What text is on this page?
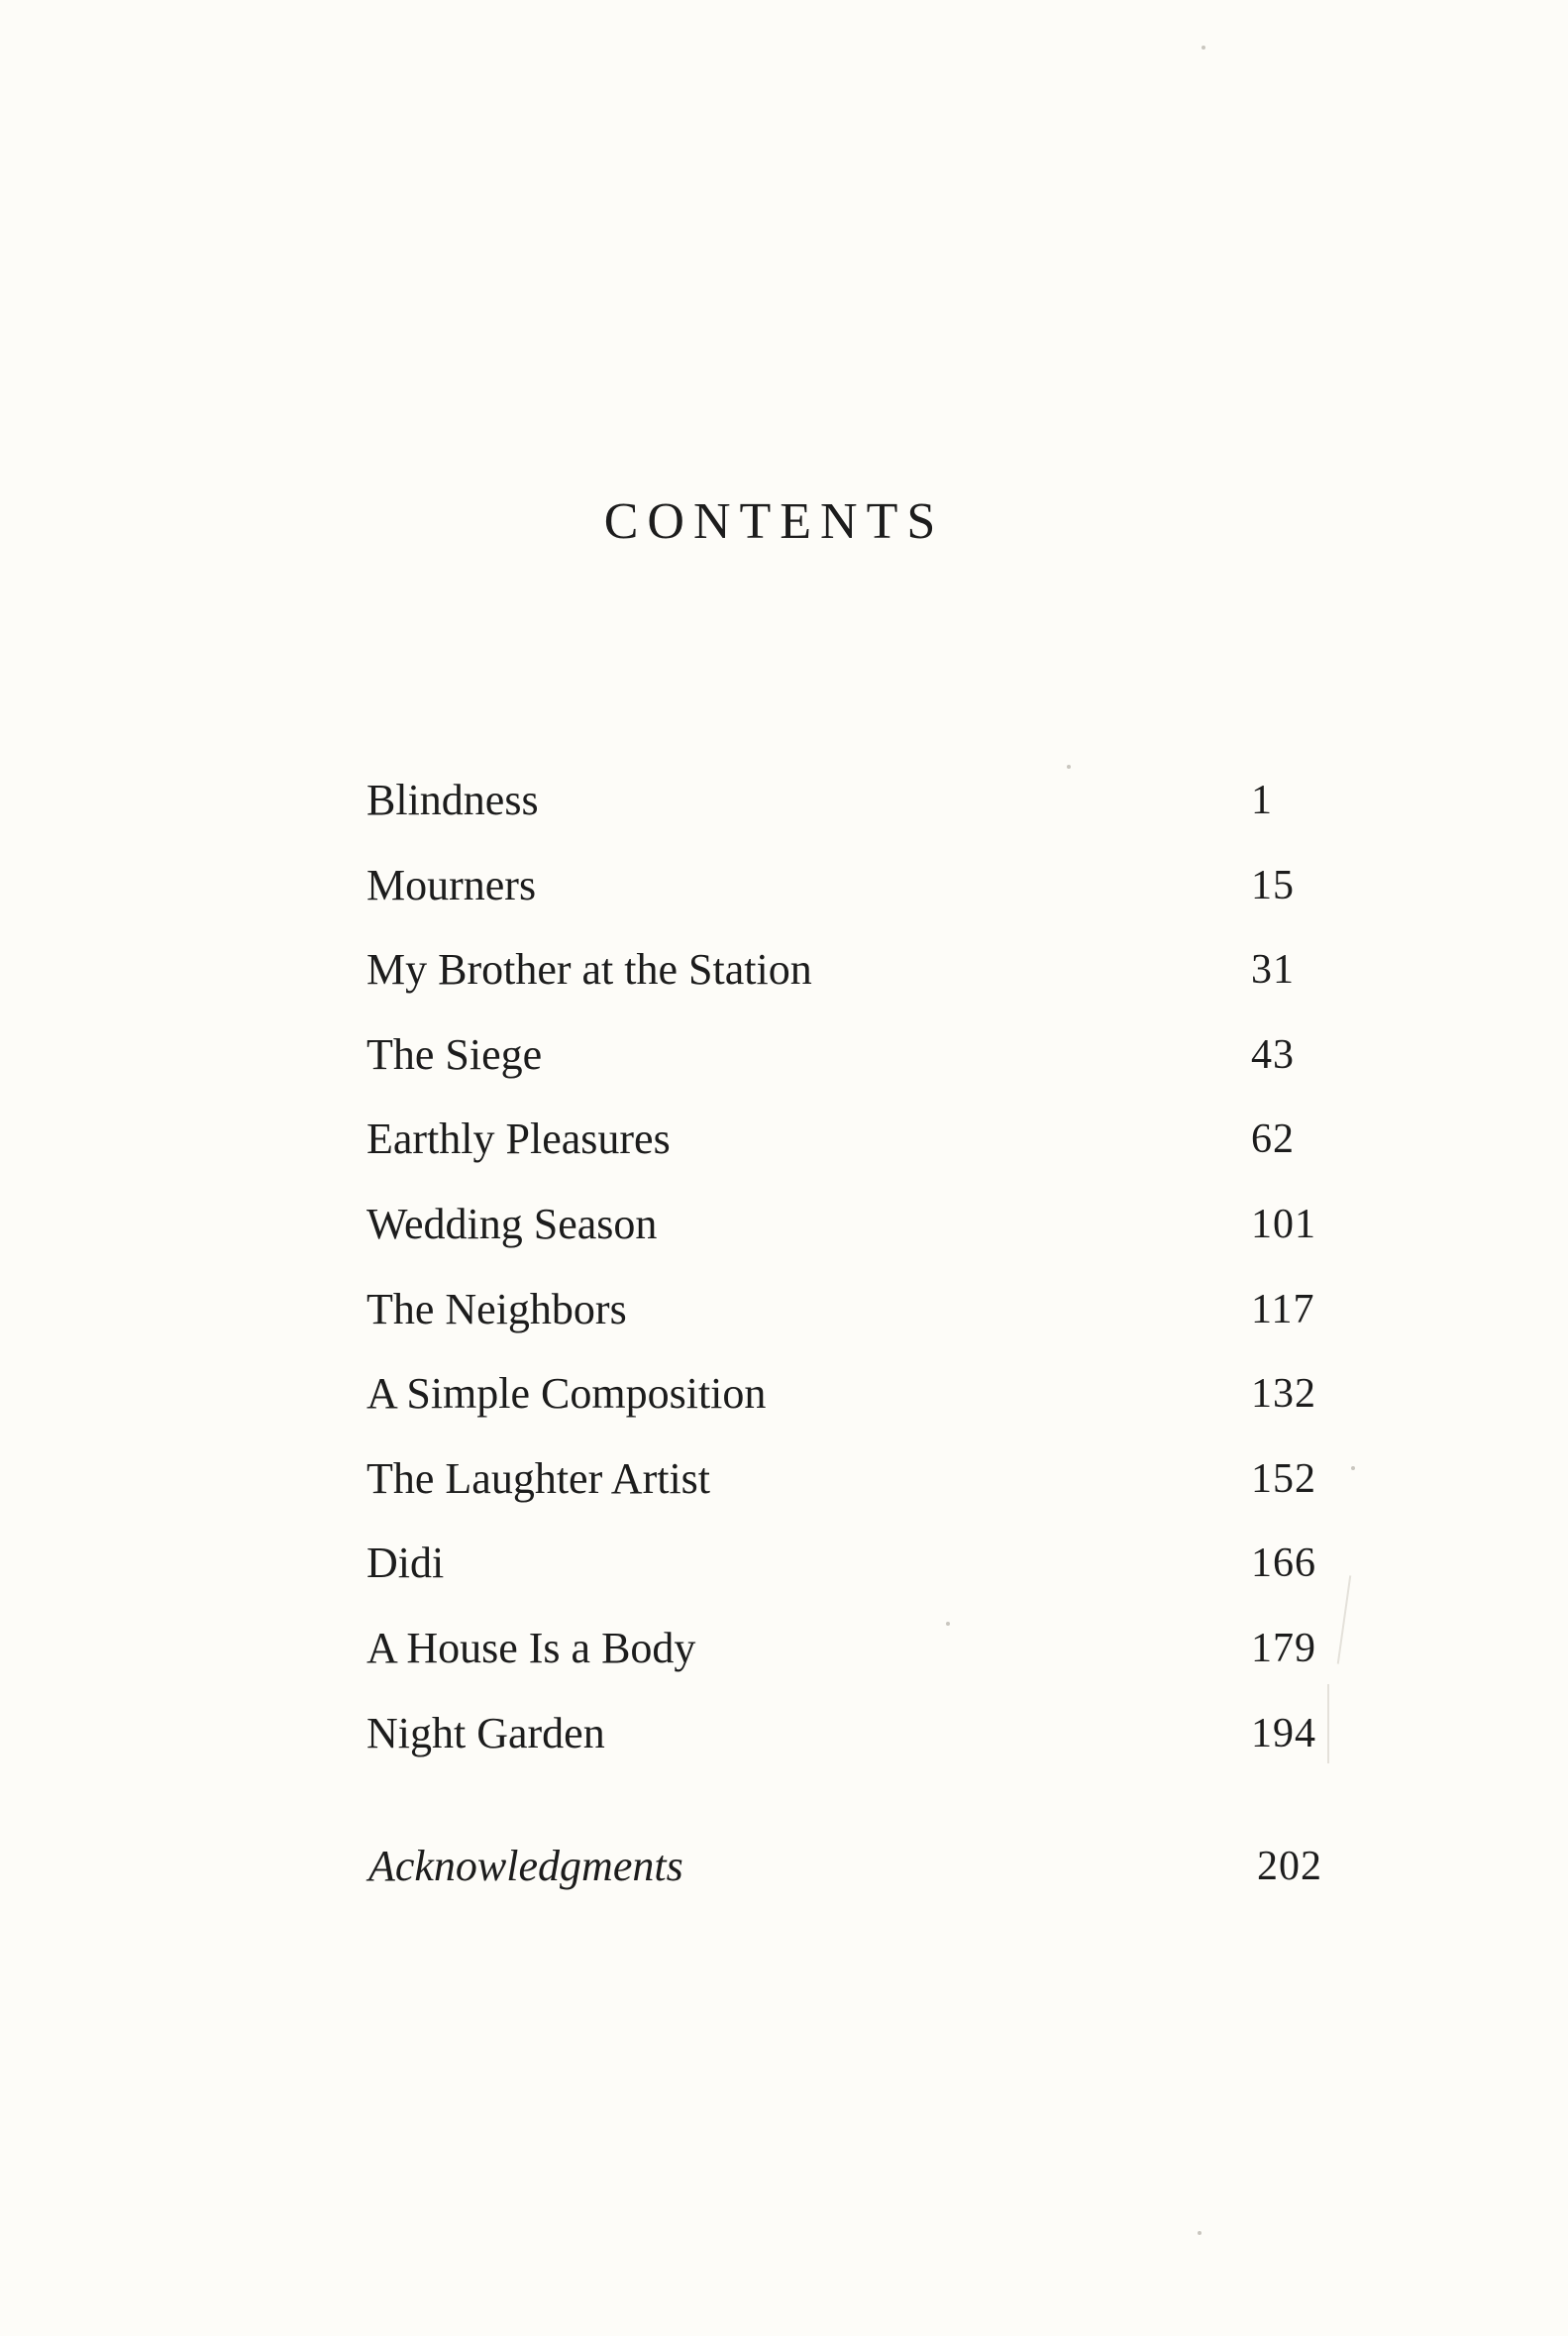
CONTENTS
Blindness	1
Mourners	15
My Brother at the Station	31
The Siege	43
Earthly Pleasures	62
Wedding Season	101
The Neighbors	117
A Simple Composition	132
The Laughter Artist	152
Didi	166
A House Is a Body	179
Night Garden	194
Acknowledgments	202
